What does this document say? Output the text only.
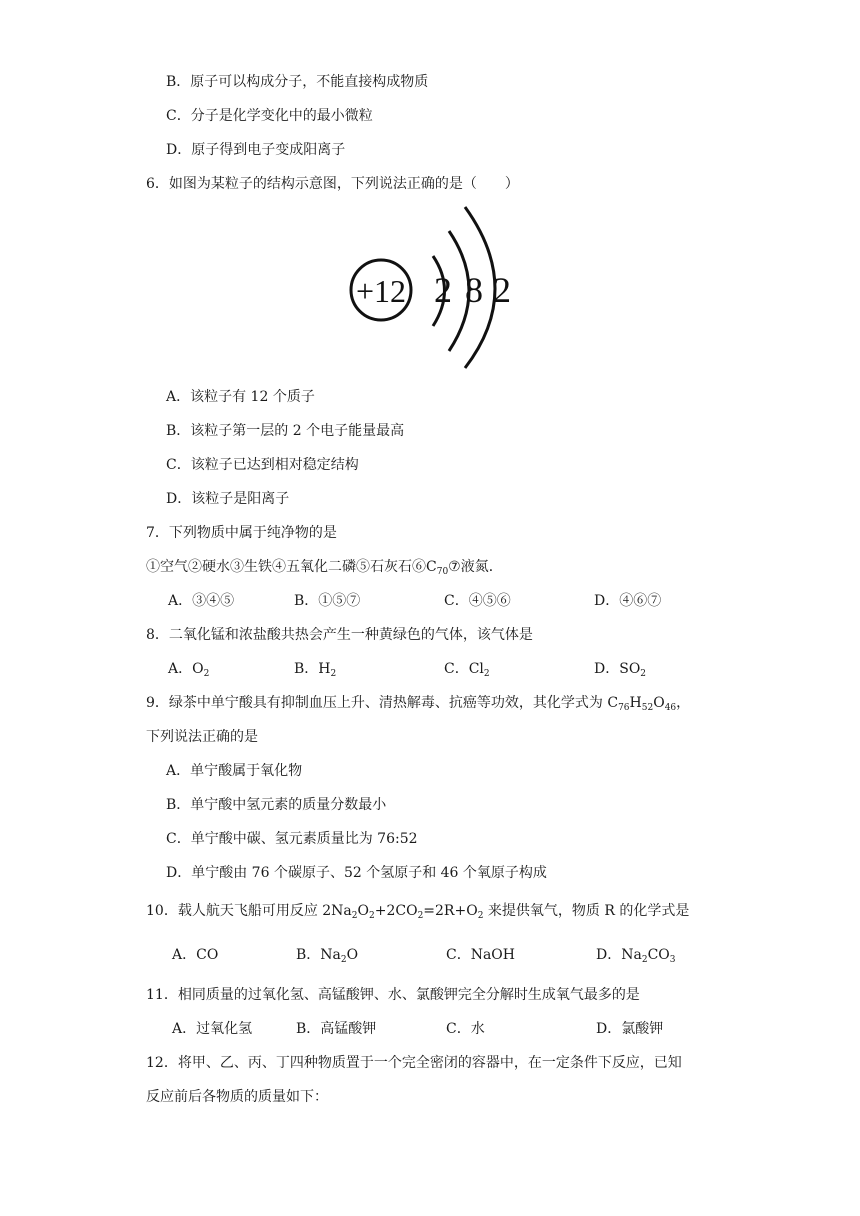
B．原子可以构成分子，不能直接构成物质
C．分子是化学变化中的最小微粒
D．原子得到电子变成阳离子
6．如图为某粒子的结构示意图，下列说法正确的是（　　）
+12 2 8 2
A．该粒子有 12 个质子
B．该粒子第一层的 2 个电子能量最高
C．该粒子已达到相对稳定结构
D．该粒子是阳离子
7．下列物质中属于纯净物的是
①空气②硬水③生铁④五氧化二磷⑤石灰石$⑥C_{70}⑦$液氮．
A．③④⑤	B．①⑤⑦	C．④⑤⑥	D．④⑥⑦
8．二氧化锰和浓盐酸共热会产生一种黄绿色的气体，该气体是
A．$O_2$	B．$H_2$	C．$Cl_2$	D．$SO_2$
9．绿茶中单宁酸具有抑制血压上升、清热解毒、抗癌等功效，其化学式为 $C_{76}H_{52}O_{46}$，
下列说法正确的是
A．单宁酸属于氧化物
B．单宁酸中氢元素的质量分数最小
C．单宁酸中碳、氢元素质量比为 76:52
D．单宁酸由 76 个碳原子、52 个氢原子和 46 个氧原子构成
10．载人航天飞船可用反应 $2Na_2O_2+2CO_2=2R+O_2$ 来提供氧气，物质 R 的化学式是
A．CO	B．$Na_2O$	C．NaOH	D．$Na_2CO_3$
11．相同质量的过氧化氢、高锰酸钾、水、氯酸钾完全分解时生成氧气最多的是
A．过氧化氢	B．高锰酸钾	C．水	D．氯酸钾
12．将甲、乙、丙、丁四种物质置于一个完全密闭的容器中，在一定条件下反应，已知
反应前后各物质的质量如下：
